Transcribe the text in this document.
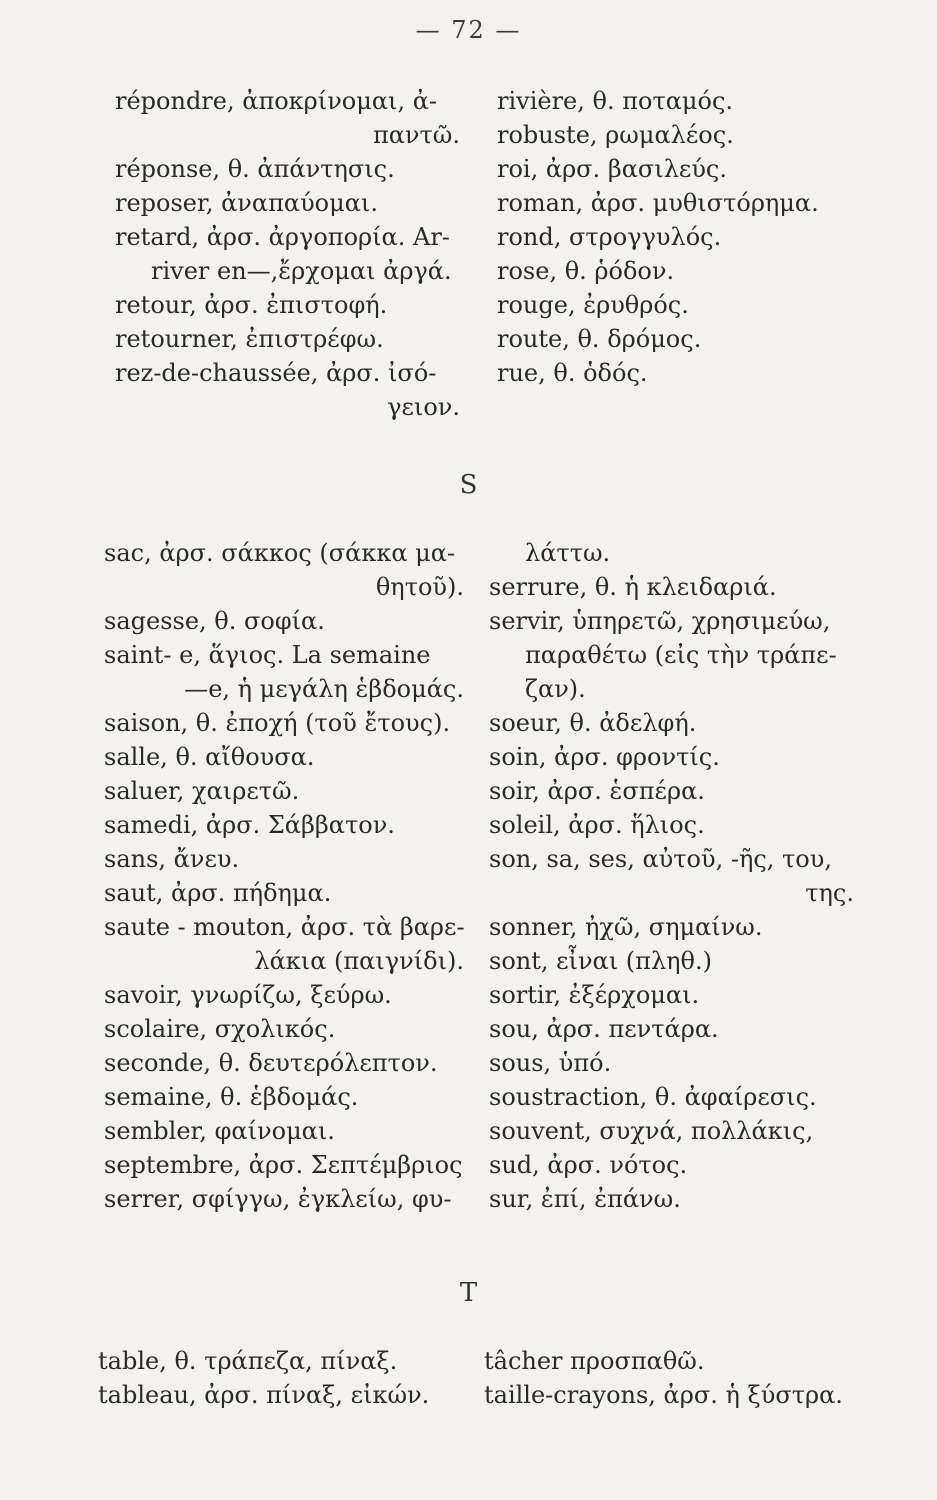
— 72 —
répondre, ἀποκρίνομαι, ἀ-
παντῶ.
réponse, θ. ἀπάντησις.
reposer, ἀναπαύομαι.
retard, ἀρσ. ἀργοπορία. Ar-
river en—,ἔρχομαι ἀργά.
retour, ἀρσ. ἐπιστοφή.
retourner, ἐπιστρέφω.
rez-de-chaussée, ἀρσ. ἰσό-
γειον.
rivière, θ. ποταμός.
robuste, ρωμαλέος.
roi, ἀρσ. βασιλεύς.
roman, ἀρσ. μυθιστόρημα.
rond, στρογγυλός.
rose, θ. ῥόδον.
rouge, ἐρυθρός.
route, θ. δρόμος.
rue, θ. ὁδός.
S
sac, ἀρσ. σάκκος (σάκκα μα-
θητοῦ).
sagesse, θ. σοφία.
saint- e, ἅγιος. La semaine
—e, ἡ μεγάλη ἑβδομάς.
saison, θ. ἐποχή (τοῦ ἔτους).
salle, θ. αἴθουσα.
saluer, χαιρετῶ.
samedi, ἀρσ. Σάββατον.
sans, ἄνευ.
saut, ἀρσ. πήδημα.
saute - mouton, ἀρσ. τὰ βαρε-
λάκια (παιγνίδι).
savoir, γνωρίζω, ξεύρω.
scolaire, σχολικός.
seconde, θ. δευτερόλεπτον.
semaine, θ. ἑβδομάς.
sembler, φαίνομαι.
septembre, ἀρσ. Σεπτέμβριος
serrer, σφίγγω, ἐγκλείω, φυ-
λάττω.
serrure, θ. ἡ κλειδαριά.
servir, ὑπηρετῶ, χρησιμεύω,
παραθέτω (εἰς τὴν τράπε-
ζαν).
soeur, θ. ἀδελφή.
soin, ἀρσ. φροντίς.
soir, ἀρσ. ἑσπέρα.
soleil, ἀρσ. ἥλιος.
son, sa, ses, αὐτοῦ, -ῆς, του,
της.
sonner, ἠχῶ, σημαίνω.
sont, εἶναι (πληθ.)
sortir, ἐξέρχομαι.
sou, ἀρσ. πεντάρα.
sous, ὑπό.
soustraction, θ. ἀφαίρεσις.
souvent, συχνά, πολλάκις,
sud, ἀρσ. νότος.
sur, ἐπί, ἐπάνω.
T
table, θ. τράπεζα, πίναξ.
tableau, ἀρσ. πίναξ, εἰκών.
tâcher προσπαθῶ.
taille-crayons, ἀρσ. ἡ ξύστρα.
